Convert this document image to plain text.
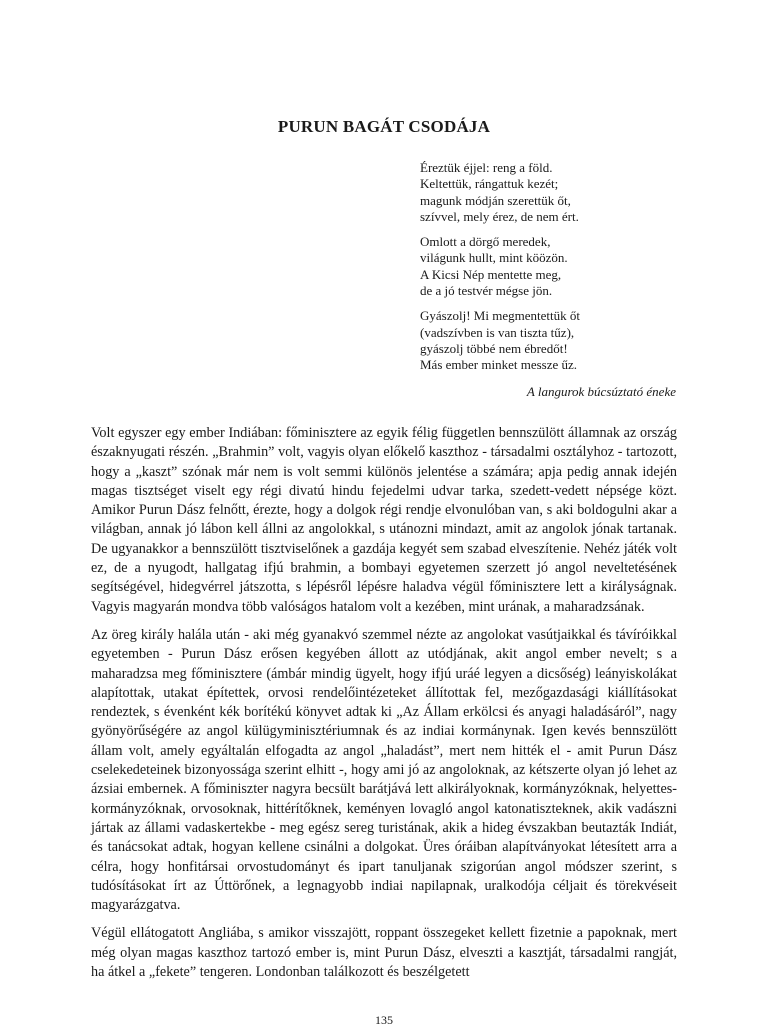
PURUN BAGÁT CSODÁJA
Éreztük éjjel: reng a föld.
Keltettük, rángattuk kezét;
magunk módján szerettük őt,
szívvel, mely érez, de nem ért.
Omlott a dörgő meredek,
világunk hullt, mint köözön.
A Kicsi Nép mentette meg,
de a jó testvér mégse jön.
Gyászolj! Mi megmentettük őt
(vadszívben is van tiszta tűz),
gyászolj többé nem ébredőt!
Más ember minket messze űz.
A langurok búcsúztató éneke

Volt egyszer egy ember Indiában: főminisztere az egyik félig független bennszülött államnak az ország északnyugati részén. „Brahmin” volt, vagyis olyan előkelő kaszthoz - társadalmi osztályhoz - tartozott, hogy a „kaszt” szónak már nem is volt semmi különös jelentése a számára; apja pedig annak idején magas tisztséget viselt egy régi divatú hindu fejedelmi udvar tarka, szedett-vedett népsége közt. Amikor Purun Dász felnőtt, érezte, hogy a dolgok régi rendje elvonulóban van, s aki boldogulni akar a világban, annak jó lábon kell állni az angolokkal, s utánozni mindazt, amit az angolok jónak tartanak. De ugyanakkor a bennszülött tisztviselőnek a gazdája kegyét sem szabad elveszítenie. Nehéz játék volt ez, de a nyugodt, hallgatag ifjú brahmin, a bombayi egyetemen szerzett jó angol neveltetésének segítségével, hidegvérrel játszotta, s lépésről lépésre haladva végül főminisztere lett a királyságnak. Vagyis magyarán mondva több valóságos hatalom volt a kezében, mint urának, a maharadzsának.

Az öreg király halála után - aki még gyanakvó szemmel nézte az angolokat vasútjaikkal és távíróikkal egyetemben - Purun Dász erősen kegyében állott az utódjának, akit angol ember nevelt; s a maharadzsa meg főminisztere (ámbár mindig ügyelt, hogy ifjú uráé legyen a dicsőség) leányiskolákat alapítottak, utakat építettek, orvosi rendelőintézeteket állítottak fel, mezőgazdasági kiállításokat rendeztek, s évenként kék borítékú könyvet adtak ki „Az Állam erkölcsi és anyagi haladásáról”, nagy gyönyörűségére az angol külügyminisztériumnak és az indiai kormánynak. Igen kevés bennszülött állam volt, amely egyáltalán elfogadta az angol „haladást”, mert nem hitték el - amit Purun Dász cselekedeteinek bizonyossága szerint elhitt -, hogy ami jó az angoloknak, az kétszerte olyan jó lehet az ázsiai embernek. A főminiszter nagyra becsült barátjává lett alkirályoknak, kormányzóknak, helyettes-kormányzóknak, orvosoknak, hittérítőknek, keményen lovagló angol katonatiszteknek, akik vadászni jártak az állami vadaskertekbe - meg egész sereg turistának, akik a hideg évszakban beutazták Indiát, és tanácsokat adtak, hogyan kellene csinálni a dolgokat. Üres óráiban alapítványokat létesített arra a célra, hogy honfitársai orvostudományt és ipart tanuljanak szigorúan angol módszer szerint, s tudósításokat írt az Úttörőnek, a legnagyobb indiai napilapnak, uralkodója céljait és törekvéseit magyarázgatva.

Végül ellátogatott Angliába, s amikor visszajött, roppant összegeket kellett fizetnie a papoknak, mert még olyan magas kaszthoz tartozó ember is, mint Purun Dász, elveszti a kasztját, társadalmi rangját, ha átkel a „fekete” tengeren. Londonban találkozott és beszélgetett

135
